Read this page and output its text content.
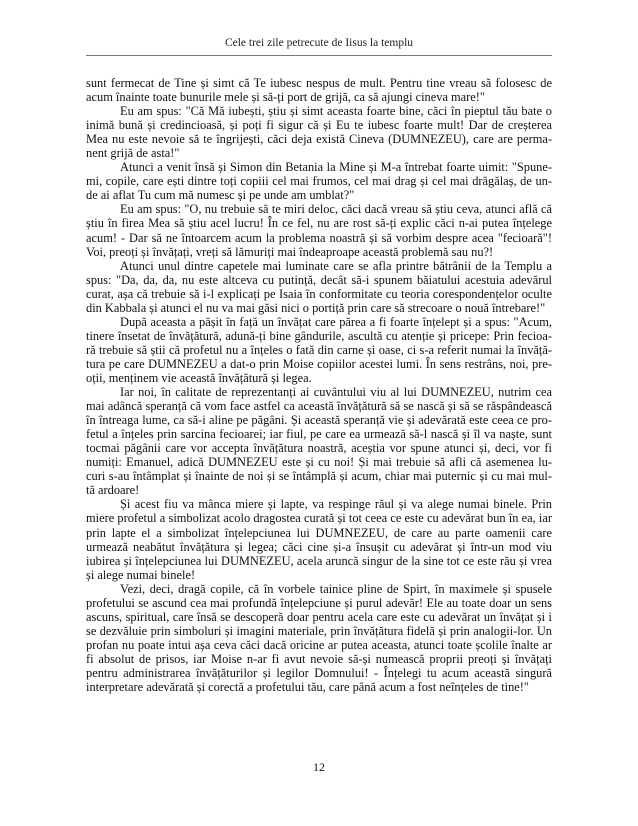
Cele trei zile petrecute de Iisus la templu

sunt fermecat de Tine și simt că Te iubesc nespus de mult. Pentru tine vreau să folosesc de acum înainte toate bunurile mele și să-ți port de grijă, ca să ajungi cineva mare!"

Eu am spus: "Că Mă iubești, știu și simt aceasta foarte bine, căci în pieptul tău bate o inimă bună și credincioasă, și poți fi sigur că și Eu te iubesc foarte mult! Dar de creșterea Mea nu este nevoie să te îngrijești, căci deja există Cineva (DUMNEZEU), care are perma-nent grijă de asta!"

Atunci a venit însă și Simon din Betania la Mine și M-a întrebat foarte uimit: "Spune-mi, copile, care ești dintre toți copiii cel mai frumos, cel mai drag și cel mai drăgălaș, de un-de ai aflat Tu cum mă numesc și pe unde am umblat?"

Eu am spus: "O, nu trebuie să te miri deloc, căci dacă vreau să știu ceva, atunci află că știu în firea Mea să știu acel lucru! În ce fel, nu are rost să-ți explic căci n-ai putea înțelege acum! - Dar să ne întoarcem acum la problema noastră și să vorbim despre acea "fecioară"! Voi, preoți și învățați, vreți să lămuriți mai îndeaproape această problemă sau nu?!

Atunci unul dintre capetele mai luminate care se afla printre bătrânii de la Templu a spus: "Da, da, da, nu este altceva cu putință, decât să-i spunem băiatului acestuia adevărul curat, așa că trebuie să i-l explicați pe Isaia în conformitate cu teoria corespondențelor oculte din Kabbala și atunci el nu va mai găsi nici o portiță prin care să strecoare o nouă întrebare!"

După aceasta a pășit în față un învățat care părea a fi foarte înțelept și a spus: "Acum, tinere însetat de învățătură, adună-ți bine gândurile, ascultă cu atenție și pricepe: Prin fecioa-ră trebuie să știi că profetul nu a înțeles o fată din carne și oase, ci s-a referit numai la învăță-tura pe care DUMNEZEU a dat-o prin Moise copiilor acestei lumi. În sens restrâns, noi, pre-oții, menținem vie această învățătură și legea.

Iar noi, în calitate de reprezentanți ai cuvântului viu al lui DUMNEZEU, nutrim cea mai adâncă speranță că vom face astfel ca această învățătură să se nască și să se răspândească în întreaga lume, ca să-i aline pe păgâni. Și această speranță vie și adevărată este ceea ce pro-fetul a înțeles prin sarcina fecioarei; iar fiul, pe care ea urmează să-l nască și îl va naște, sunt tocmai păgânii care vor accepta învățătura noastră, aceștia vor spune atunci și, deci, vor fi numiți: Emanuel, adică DUMNEZEU este și cu noi! Și mai trebuie să afli că asemenea lu-curi s-au întâmplat și înainte de noi și se întâmplă și acum, chiar mai puternic și cu mai mul-tă ardoare!

Și acest fiu va mânca miere și lapte, va respinge răul și va alege numai binele. Prin miere profetul a simbolizat acolo dragostea curată și tot ceea ce este cu adevărat bun în ea, iar prin lapte el a simbolizat înțelepciunea lui DUMNEZEU, de care au parte oamenii care urmează neabătut învățătura și legea; căci cine și-a însușit cu adevărat și într-un mod viu iubirea și înțelepciunea lui DUMNEZEU, acela aruncă singur de la sine tot ce este rău și vrea și alege numai binele!

Vezi, deci, dragă copile, că în vorbele tainice pline de Spirt, în maximele și spusele profetului se ascund cea mai profundă înțelepciune și purul adevăr! Ele au toate doar un sens ascuns, spiritual, care însă se descoperă doar pentru acela care este cu adevărat un învățat și i se dezvăluie prin simboluri și imagini materiale, prin învățătura fidelă și prin analogii-lor. Un profan nu poate intui așa ceva căci dacă oricine ar putea aceasta, atunci toate școlile înalte ar fi absolut de prisos, iar Moise n-ar fi avut nevoie să-și numească proprii preoți și învățați pentru administrarea învățăturilor și legilor Domnului! - Înțelegi tu acum această singură interpretare adevărată și corectă a profetului tău, care până acum a fost neînțeles de tine!"

12
